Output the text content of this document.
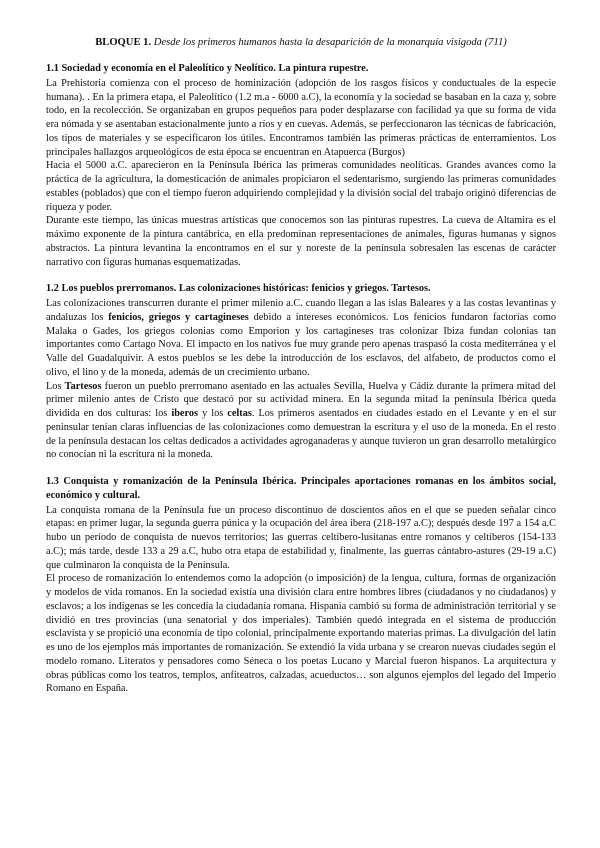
BLOQUE 1. Desde los primeros humanos hasta la desaparición de la monarquía visigoda (711)
1.1 Sociedad y economía en el Paleolítico y Neolítico. La pintura rupestre.

La Prehistoria comienza con el proceso de hominización (adopción de los rasgos físicos y conductuales de la especie humana). . En la primera etapa, el Paleolítico (1.2 m.a - 6000 a.C), la economía y la sociedad se basaban en la caza y, sobre todo, en la recolección. Se organizaban en grupos pequeños para poder desplazarse con facilidad ya que su forma de vida era nómada y se asentaban estacionalmente junto a ríos y en cuevas. Además, se perfeccionaron las técnicas de fabricación, los tipos de materiales y se especificaron los útiles. Encontramos también las primeras prácticas de enterramientos. Los principales hallazgos arqueológicos de esta época se encuentran en Atapuerca (Burgos)

Hacia el 5000 a.C. aparecieron en la Península Ibérica las primeras comunidades neolíticas. Grandes avances como la práctica de la agricultura, la domesticación de animales propiciaron el sedentarismo, surgiendo las primeras comunidades estables (poblados) que con el tiempo fueron adquiriendo complejidad y la división social del trabajo originó diferencias de riqueza y poder.

Durante este tiempo, las únicas muestras artísticas que conocemos son las pinturas rupestres. La cueva de Altamira es el máximo exponente de la pintura cantábrica, en ella predominan representaciones de animales, figuras humanas y signos abstractos. La pintura levantina la encontramos en el sur y noreste de la península sobresalen las escenas de carácter narrativo con figuras humanas esquematizadas.

1.2 Los pueblos prerromanos. Las colonizaciones históricas: fenicios y griegos. Tartesos.

Las colonizaciones transcurren durante el primer milenio a.C. cuando llegan a las islas Baleares y a las costas levantinas y andaluzas los fenicios, griegos y cartagineses debido a intereses económicos. Los fenicios fundaron factorías como Malaka o Gades, los griegos colonias como Emporion y los cartagineses tras colonizar Ibiza fundan colonias tan importantes como Cartago Nova. El impacto en los nativos fue muy grande pero apenas traspasó la costa mediterránea y el Valle del Guadalquivir. A estos pueblos se les debe la introducción de los esclavos, del alfabeto, de productos como el olivo, el lino y de la moneda, además de un crecimiento urbano.

Los Tartesos fueron un pueblo prerromano asentado en las actuales Sevilla, Huelva y Cádiz durante la primera mitad del primer milenio antes de Cristo que destacó por su actividad minera. En la segunda mitad la península Ibérica queda dividida en dos culturas: los iberos y los celtas. Los primeros asentados en ciudades estado en el Levante y en el sur peninsular tenían claras influencias de las colonizaciones como demuestran la escritura y el uso de la moneda. En el resto de la península destacan los celtas dedicados a actividades agroganaderas y aunque tuvieron un gran desarrollo metalúrgico no conocían ni la escritura ni la moneda.

1.3 Conquista y romanización de la Península Ibérica. Principales aportaciones romanas en los ámbitos social, económico y cultural.

La conquista romana de la Península fue un proceso discontinuo de doscientos años en el que se pueden señalar cinco etapas: en primer lugar, la segunda guerra púnica y la ocupación del área ibera (218-197 a.C); después desde 197 a 154 a.C hubo un período de conquista de nuevos territorios; las guerras celtíbero-lusitanas entre romanos y celtíberos (154-133 a.C); más tarde, desde 133 a 29 a.C, hubo otra etapa de estabilidad y, finalmente, las guerras cántabro-astures (29-19 a.C) que culminaron la conquista de la Península.

El proceso de romanización lo entendemos como la adopción (o imposición) de la lengua, cultura, formas de organización y modelos de vida romanos. En la sociedad existía una división clara entre hombres libres (ciudadanos y no ciudadanos) y esclavos; a los indígenas se les concedía la ciudadanía romana. Hispania cambió su forma de administración territorial y se dividió en tres provincias (una senatorial y dos imperiales). También quedó integrada en el sistema de producción esclavista y se propició una economía de tipo colonial, principalmente exportando materias primas. La divulgación del latín es uno de los ejemplos más importantes de romanización. Se extendió la vida urbana y se crearon nuevas ciudades según el modelo romano. Literatos y pensadores como Séneca o los poetas Lucano y Marcial fueron hispanos. La arquitectura y obras públicas como los teatros, templos, anfiteatros, calzadas, acueductos… son algunos ejemplos del legado del Imperio Romano en España.
